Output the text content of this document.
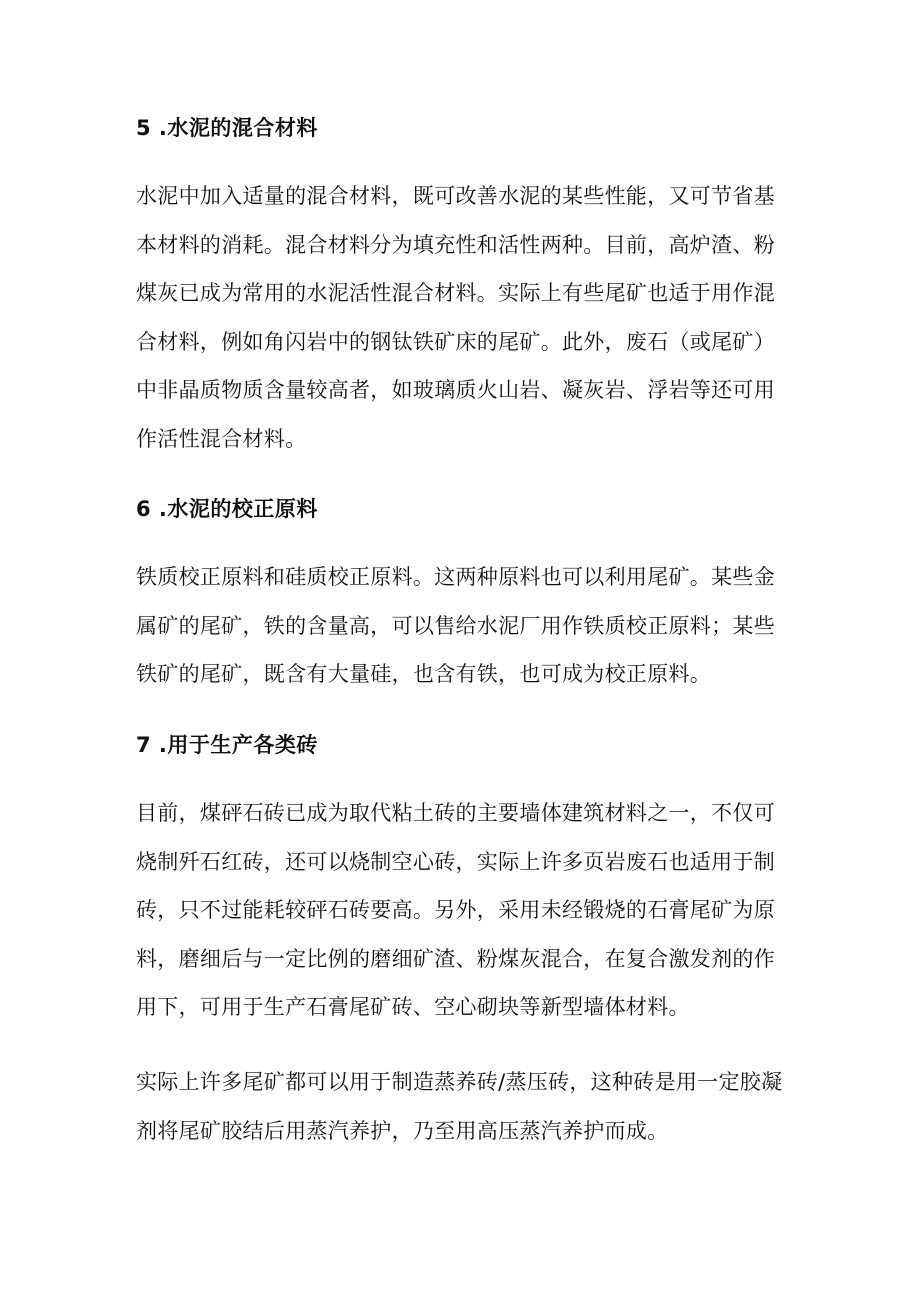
5 .水泥的混合材料
水泥中加入适量的混合材料，既可改善水泥的某些性能，又可节省基
本材料的消耗。混合材料分为填充性和活性两种。目前，高炉渣、粉
煤灰已成为常用的水泥活性混合材料。实际上有些尾矿也适于用作混
合材料，例如角闪岩中的钢钛铁矿床的尾矿。此外，废石（或尾矿）
中非晶质物质含量较高者，如玻璃质火山岩、凝灰岩、浮岩等还可用
作活性混合材料。
6 .水泥的校正原料
铁质校正原料和硅质校正原料。这两种原料也可以利用尾矿。某些金
属矿的尾矿，铁的含量高，可以售给水泥厂用作铁质校正原料；某些
铁矿的尾矿，既含有大量硅，也含有铁，也可成为校正原料。
7 .用于生产各类砖
目前，煤砰石砖已成为取代粘土砖的主要墙体建筑材料之一，不仅可
烧制歼石红砖，还可以烧制空心砖，实际上许多页岩废石也适用于制
砖，只不过能耗较砰石砖要高。另外，采用未经锻烧的石膏尾矿为原
料，磨细后与一定比例的磨细矿渣、粉煤灰混合，在复合激发剂的作
用下，可用于生产石膏尾矿砖、空心砌块等新型墙体材料。
实际上许多尾矿都可以用于制造蒸养砖/蒸压砖，这种砖是用一定胶凝
剂将尾矿胶结后用蒸汽养护，乃至用高压蒸汽养护而成。
